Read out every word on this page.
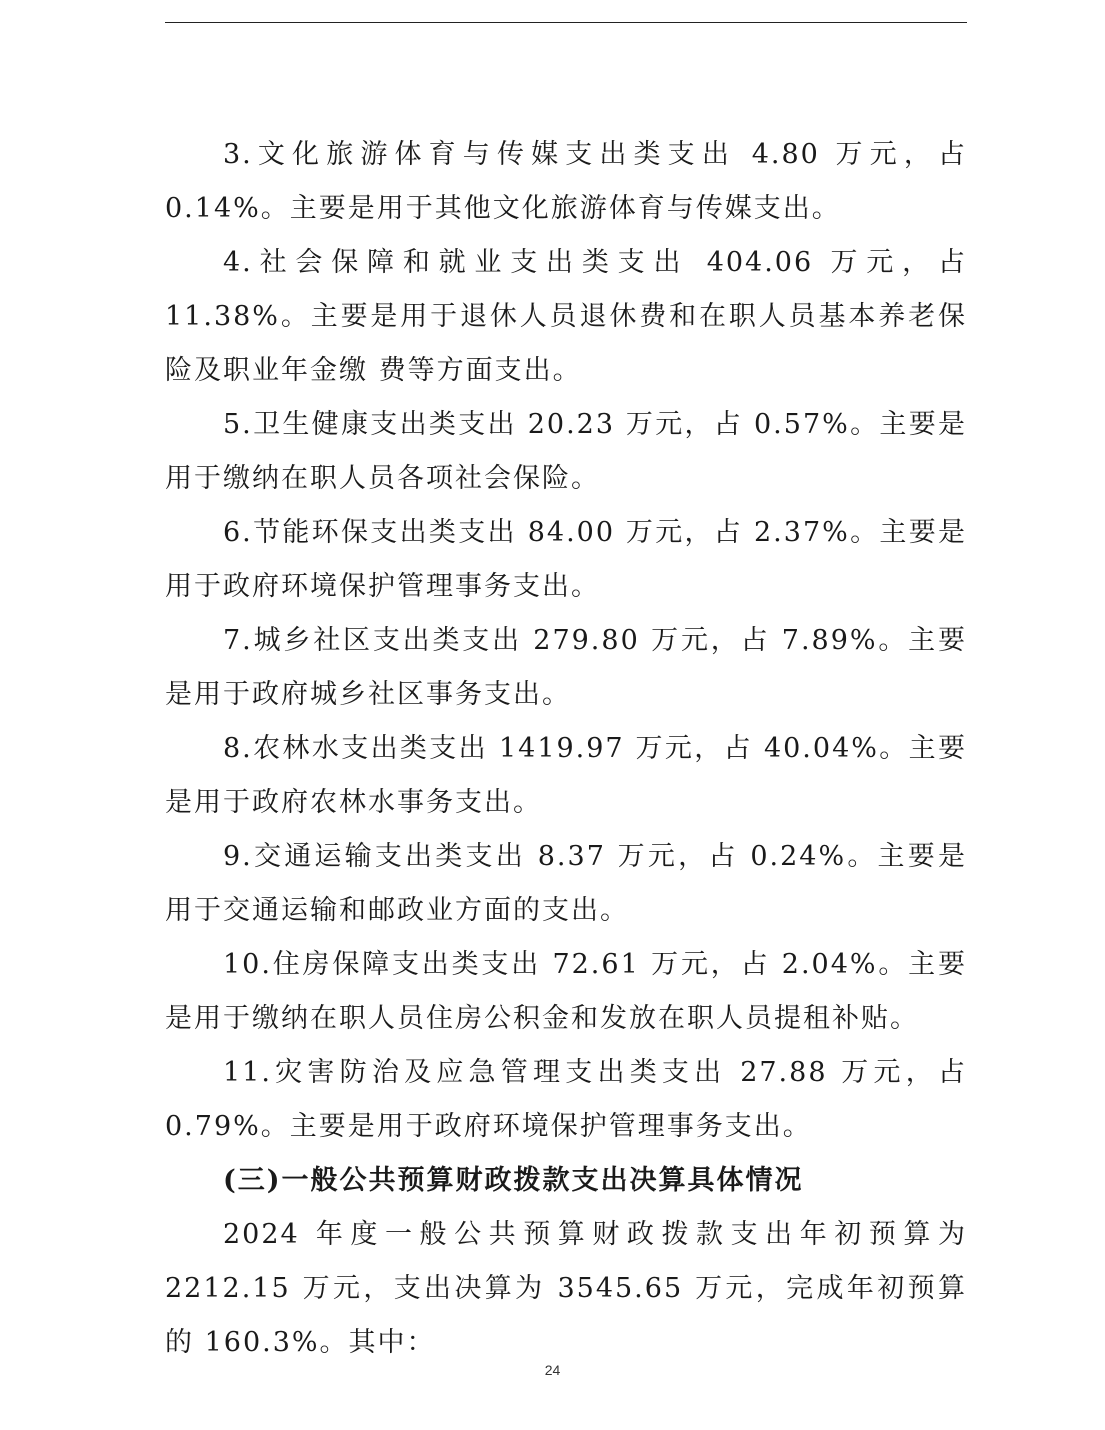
3.文化旅游体育与传媒支出类支出 4.80 万元，占 0.14%。主要是用于其他文化旅游体育与传媒支出。

4.社会保障和就业支出类支出 404.06 万元，占 11.38%。主要是用于退休人员退休费和在职人员基本养老保险及职业年金缴 费等方面支出。

5.卫生健康支出类支出 20.23 万元，占 0.57%。主要是用于缴纳在职人员各项社会保险。

6.节能环保支出类支出 84.00 万元，占 2.37%。主要是用于政府环境保护管理事务支出。

7.城乡社区支出类支出 279.80 万元，占 7.89%。主要是用于政府城乡社区事务支出。

8.农林水支出类支出 1419.97 万元，占 40.04%。主要是用于政府农林水事务支出。

9.交通运输支出类支出 8.37 万元，占 0.24%。主要是用于交通运输和邮政业方面的支出。

10.住房保障支出类支出 72.61 万元，占 2.04%。主要是用于缴纳在职人员住房公积金和发放在职人员提租补贴。

11.灾害防治及应急管理支出类支出 27.88 万元，占 0.79%。主要是用于政府环境保护管理事务支出。

(三)一般公共预算财政拨款支出决算具体情况

2024 年度一般公共预算财政拨款支出年初预算为 2212.15 万元，支出决算为 3545.65 万元，完成年初预算的 160.3%。其中：

24
